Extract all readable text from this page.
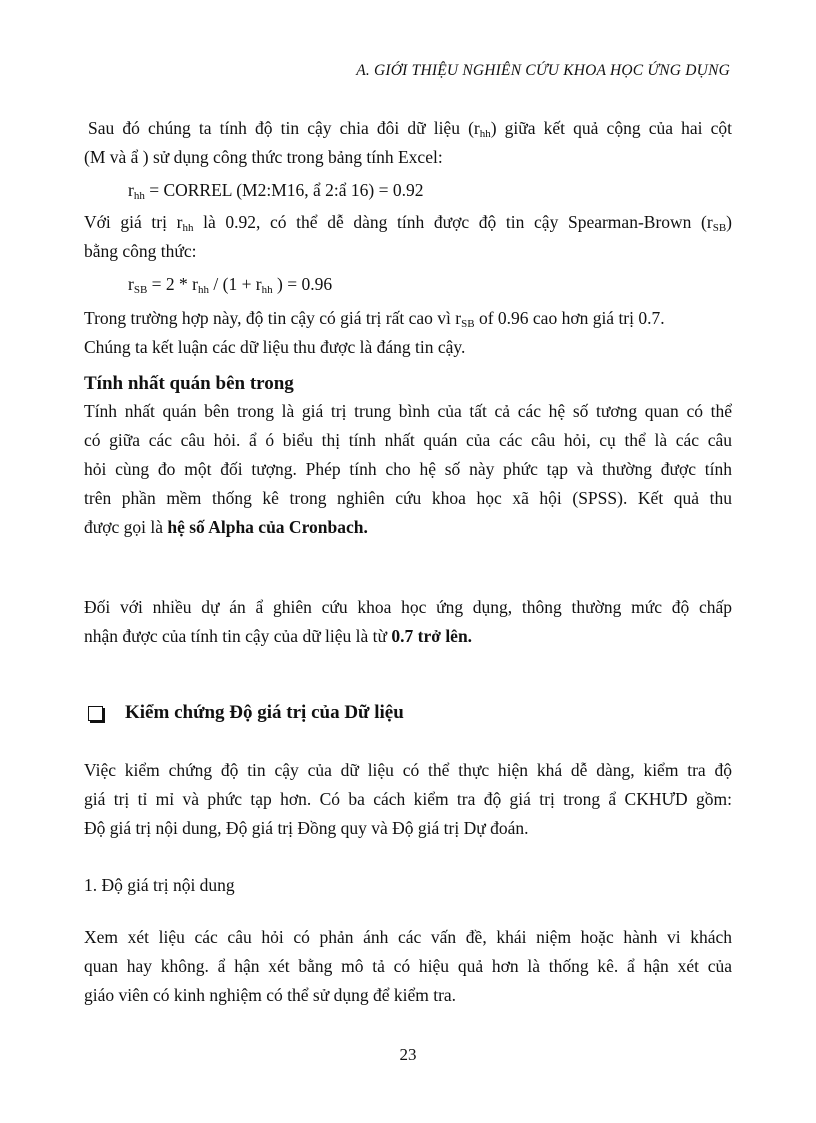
A. GIỚI THIỆU NGHIÊN CỨU KHOA HỌC ỨNG DỤNG
Sau đó chúng ta tính độ tin cậy chia đôi dữ liệu $(r_{hh})$ giữa kết quả cộng của hai cột
(M và ẩ ) sử dụng công thức trong bảng tính Excel:
$r_{hh}$ = CORREL (M2:M16, ẩ 2:ẩ 16) = 0.92
Với giá trị $r_{hh}$ là 0.92, có thể dễ dàng tính được độ tin cậy Spearman-Brown $(r_{SB})$
bằng công thức:
$r_{SB} = 2 * r_{hh} / (1 + r_{hh}$ ) = 0.96
Trong trường hợp này, độ tin cậy có giá trị rất cao vì $r_{SB}$ of 0.96 cao hơn giá trị 0.7.
Chúng ta kết luận các dữ liệu thu được là đáng tin cậy.
Tính nhất quán bên trong
Tính nhất quán bên trong là giá trị trung bình của tất cả các hệ số tương quan có thể
có giữa các câu hỏi. ẩ ó biểu thị tính nhất quán của các câu hỏi, cụ thể là các câu
hỏi cùng đo một đối tượng. Phép tính cho hệ số này phức tạp và thường được tính
trên phần mềm thống kê trong nghiên cứu khoa học xã hội (SPSS). Kết quả thu
được gọi là hệ số Alpha của Cronbach.
Đối với nhiều dự án ẩ ghiên cứu khoa học ứng dụng, thông thường mức độ chấp
nhận được của tính tin cậy của dữ liệu là từ 0.7 trở lên.
Kiểm chứng Độ giá trị của Dữ liệu
Việc kiểm chứng độ tin cậy của dữ liệu có thể thực hiện khá dễ dàng, kiểm tra độ
giá trị tỉ mỉ và phức tạp hơn. Có ba cách kiểm tra độ giá trị trong ẩ CKHƯD gồm:
Độ giá trị nội dung, Độ giá trị Đồng quy và Độ giá trị Dự đoán.
1. Độ giá trị nội dung
Xem xét liệu các câu hỏi có phản ánh các vấn đề, khái niệm hoặc hành vi khách
quan hay không. ẩ hận xét bằng mô tả có hiệu quả hơn là thống kê. ẩ hận xét của
giáo viên có kinh nghiệm có thể sử dụng để kiểm tra.
23
